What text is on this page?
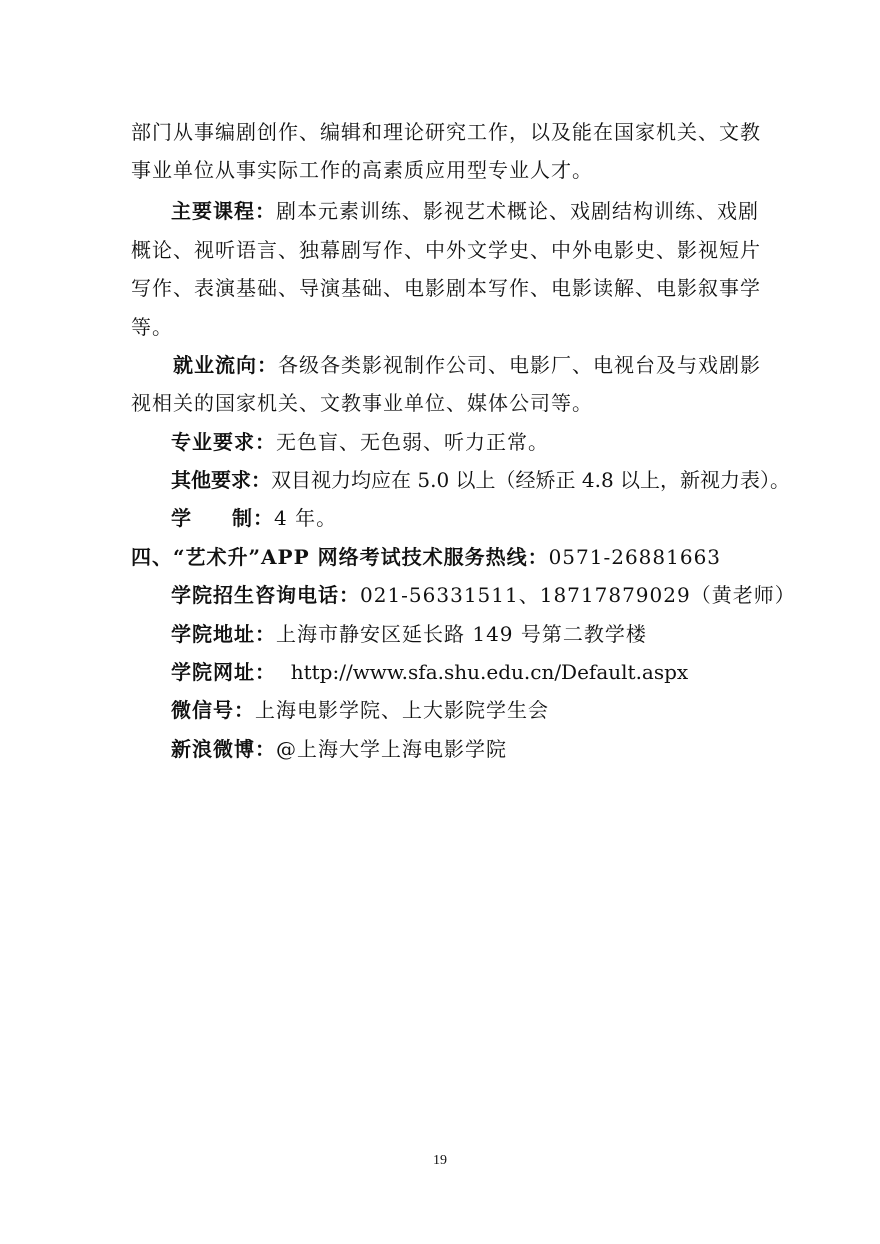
部门从事编剧创作、编辑和理论研究工作，以及能在国家机关、文教
事业单位从事实际工作的高素质应用型专业人才。
主要课程：剧本元素训练、影视艺术概论、戏剧结构训练、戏剧
概论、视听语言、独幕剧写作、中外文学史、中外电影史、影视短片
写作、表演基础、导演基础、电影剧本写作、电影读解、电影叙事学
等。
就业流向：各级各类影视制作公司、电影厂、电视台及与戏剧影
视相关的国家机关、文教事业单位、媒体公司等。
专业要求：无色盲、无色弱、听力正常。
其他要求：双目视力均应在 5.0 以上（经矫正 4.8 以上，新视力表）。
学 制：4 年。
四、“艺术升”APP 网络考试技术服务热线：0571-26881663
学院招生咨询电话：021-56331511、18717879029（黄老师）
学院地址：上海市静安区延长路 149 号第二教学楼
学院网址： http://www.sfa.shu.edu.cn/Default.aspx
微信号：上海电影学院、上大影院学生会
新浪微博：@上海大学上海电影学院
19
